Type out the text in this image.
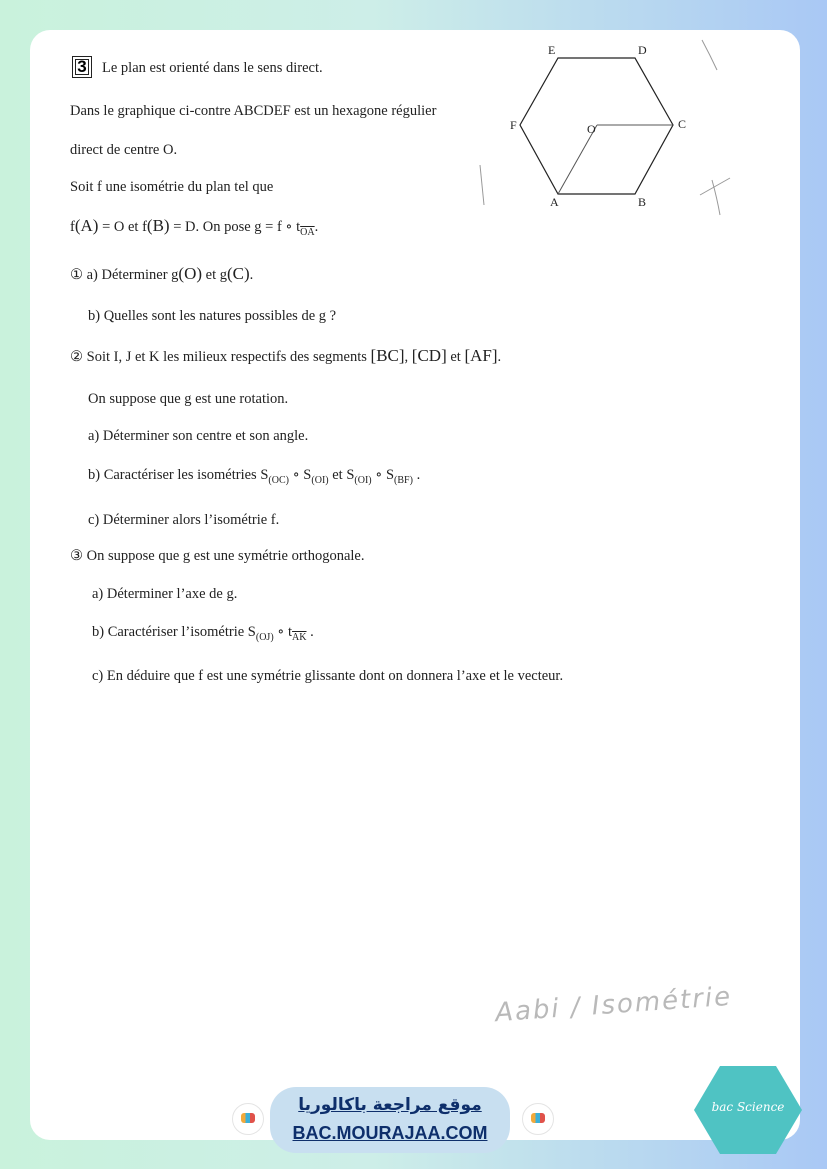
3	Le plan est orienté dans le sens direct.
Dans le graphique ci-contre ABCDEF est un hexagone régulier
direct de centre O.
Soit f une isométrie du plan tel que
f(A) = O et f(B) = D. On pose g = f ∘ $t_{\overline{OA}}$.
① a) Déterminer g(O) et g(C).
b) Quelles sont les natures possibles de g ?
② Soit I, J et K les milieux respectifs des segments [BC], [CD] et [AF].
On suppose que g est une rotation.
a) Déterminer son centre et son angle.
b) Caractériser les isométries $S_{(OC)}$ ∘ $S_{(OI)}$ et $S_{(OI)}$ ∘ $S_{(BF)}$ .
c) Déterminer alors l’isométrie f.
③ On suppose que g est une symétrie orthogonale.
a) Déterminer l’axe de g.
b) Caractériser l’isométrie $S_{(OJ)}$ ∘ $t_{\overline{AK}}$ .
c) En déduire que f est une symétrie glissante dont on donnera l’axe et le vecteur.
E	D
C
F	O
A	B
Aabi / Isométrie
موقع مراجعة باكالوريا
BAC.MOURAJAA.COM
bac Science
